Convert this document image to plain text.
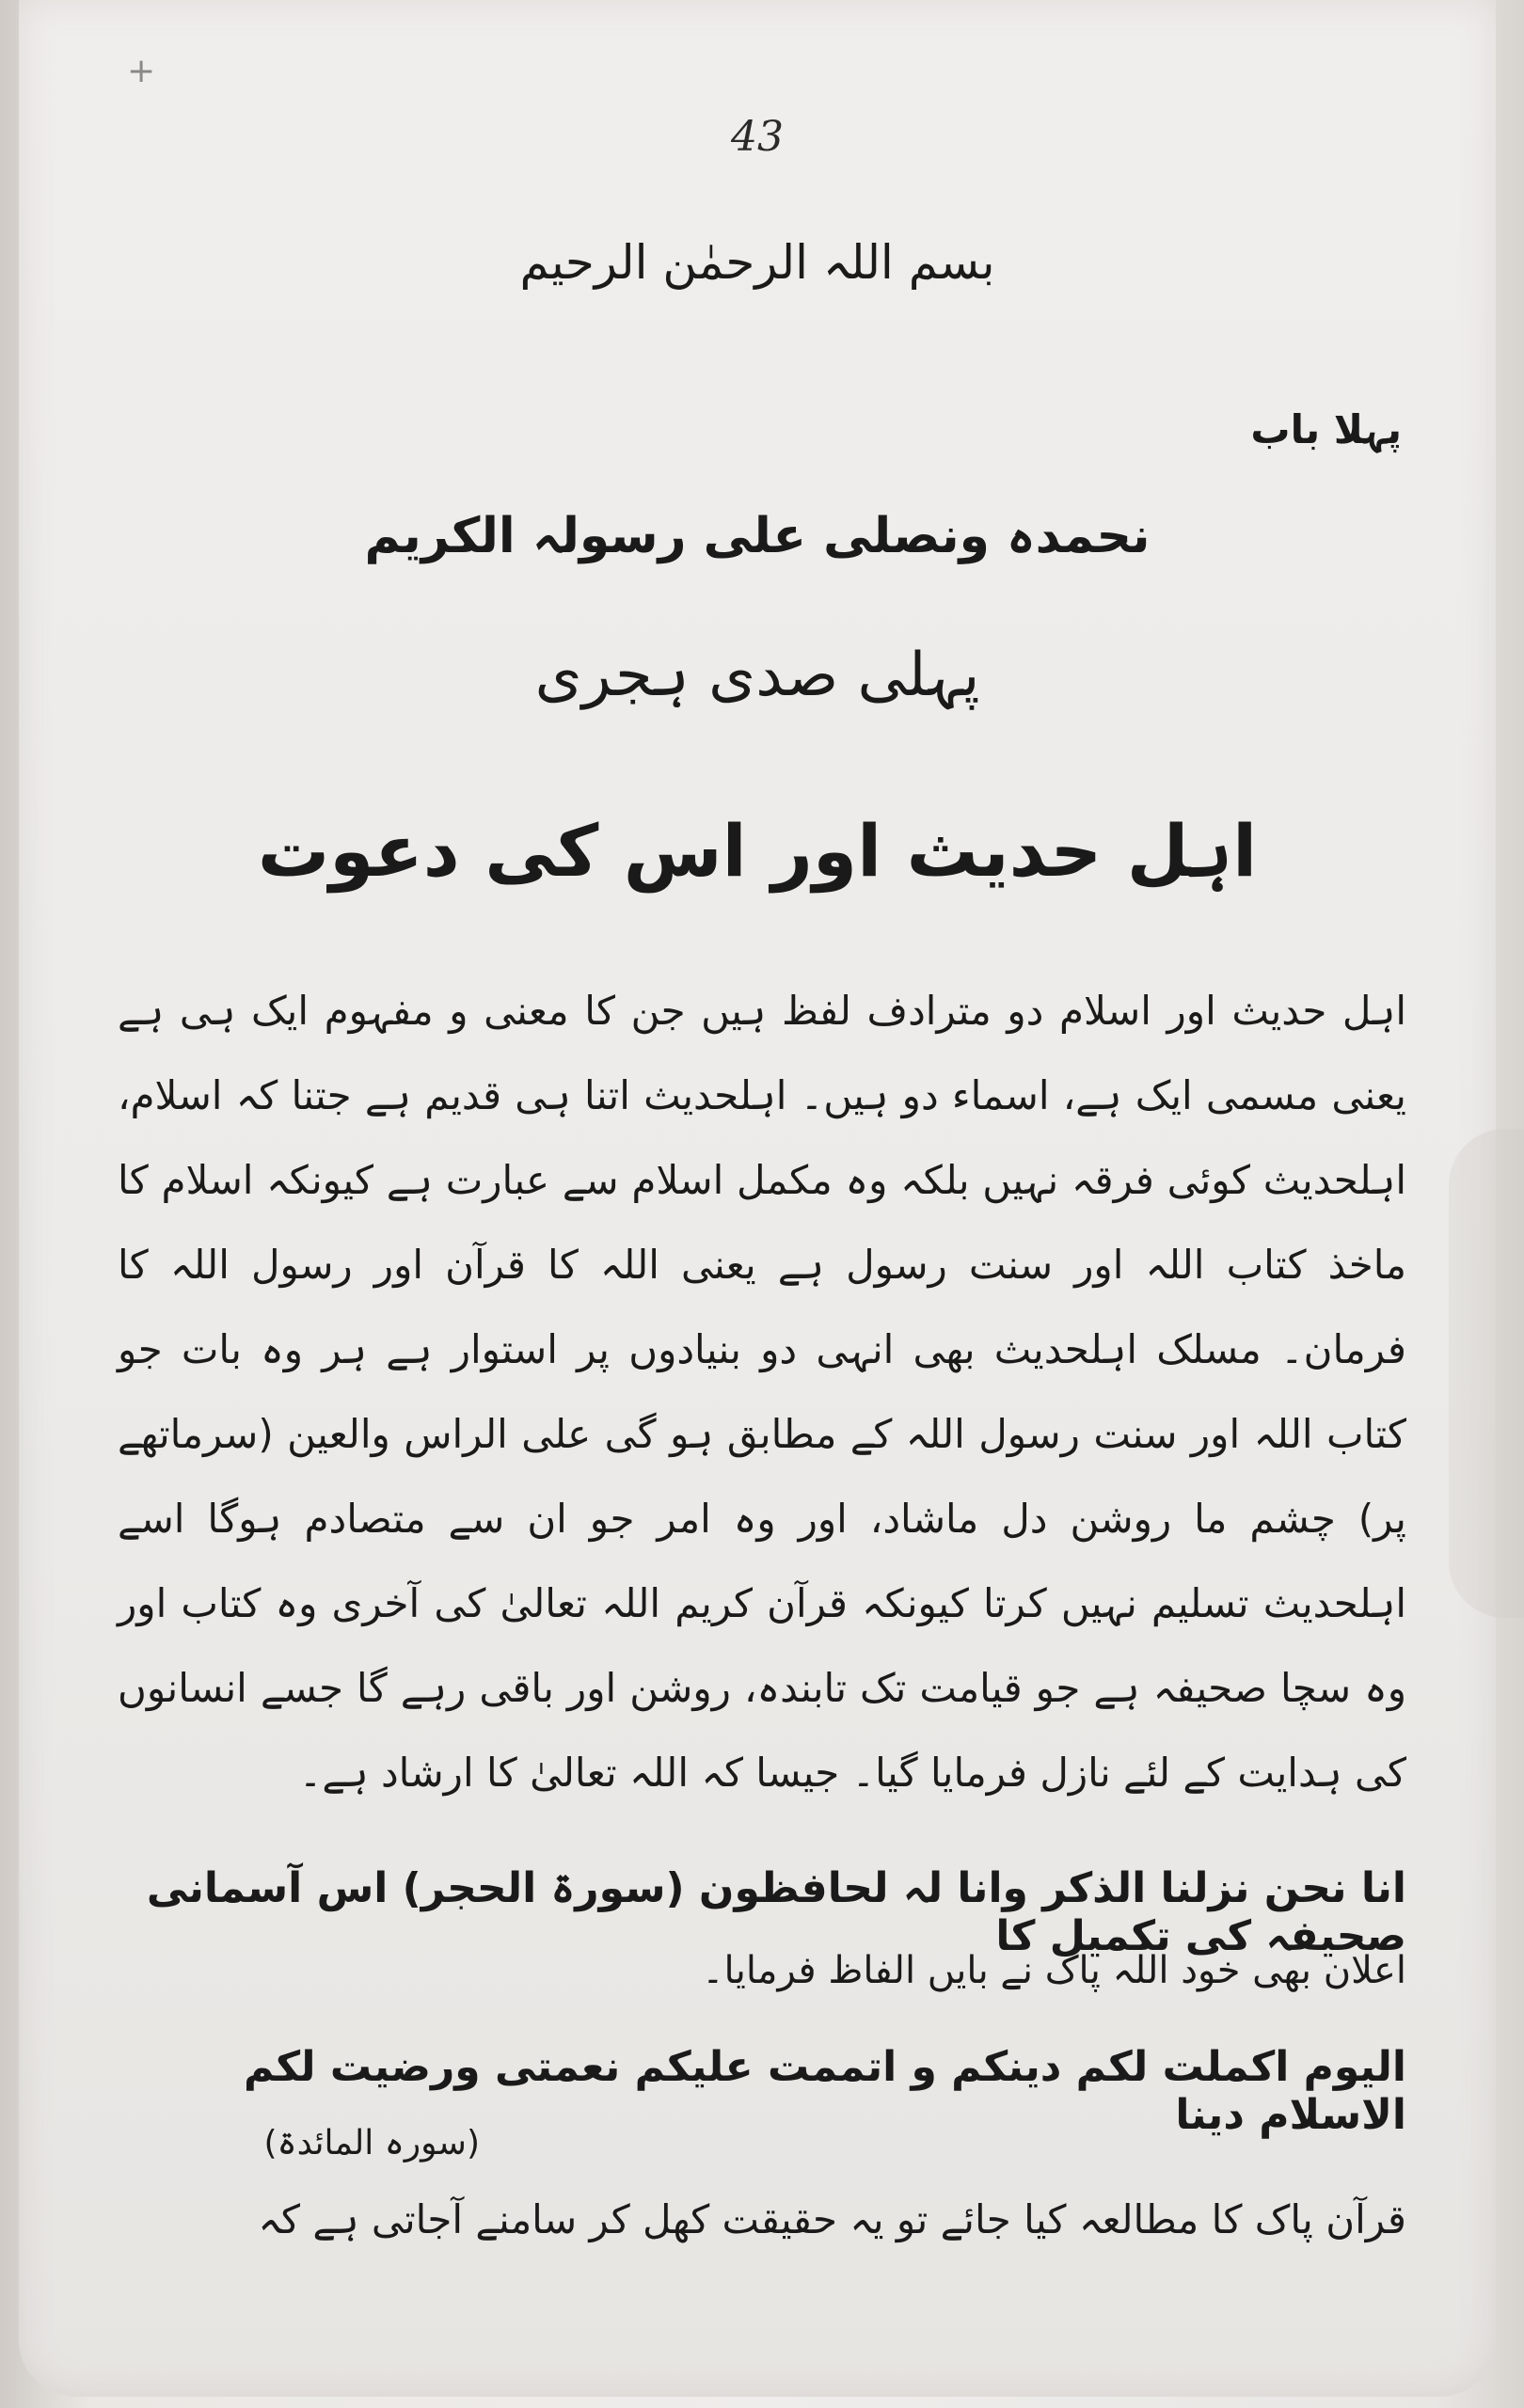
+
43
بسم اللہ الرحمٰن الرحیم
پہلا باب
نحمدہ ونصلی علی رسولہ الکریم
پہلی صدی ہجری
اہل حدیث اور اس کی دعوت

اہل حدیث اور اسلام دو مترادف لفظ ہیں جن کا معنی و مفہوم ایک ہی ہے یعنی مسمی ایک ہے، اسماء دو ہیں۔ اہلحدیث اتنا ہی قدیم ہے جتنا کہ اسلام، اہلحدیث کوئی فرقہ نہیں بلکہ وہ مکمل اسلام سے عبارت ہے کیونکہ اسلام کا ماخذ کتاب اللہ اور سنت رسول ہے یعنی اللہ کا قرآن اور رسول اللہ کا فرمان۔ مسلک اہلحدیث بھی انہی دو بنیادوں پر استوار ہے ہر وہ بات جو کتاب اللہ اور سنت رسول اللہ کے مطابق ہو گی علی الراس والعین (سرماتھے پر) چشم ما روشن دل ماشاد، اور وہ امر جو ان سے متصادم ہوگا اسے اہلحدیث تسلیم نہیں کرتا کیونکہ قرآن کریم اللہ تعالیٰ کی آخری وہ کتاب اور وہ سچا صحیفہ ہے جو قیامت تک تابندہ، روشن اور باقی رہے گا جسے انسانوں کی ہدایت کے لئے نازل فرمایا گیا۔ جیسا کہ اللہ تعالیٰ کا ارشاد ہے۔

انا نحن نزلنا الذکر وانا لہ لحافظون (سورۃ الحجر) اس آسمانی صحیفہ کی تکمیل کا
اعلان بھی خود اللہ پاک نے بایں الفاظ فرمایا۔
الیوم اکملت لکم دینکم و اتممت علیکم نعمتی ورضیت لکم الاسلام دینا
(سورہ المائدۃ)
قرآن پاک کا مطالعہ کیا جائے تو یہ حقیقت کھل کر سامنے آجاتی ہے کہ
